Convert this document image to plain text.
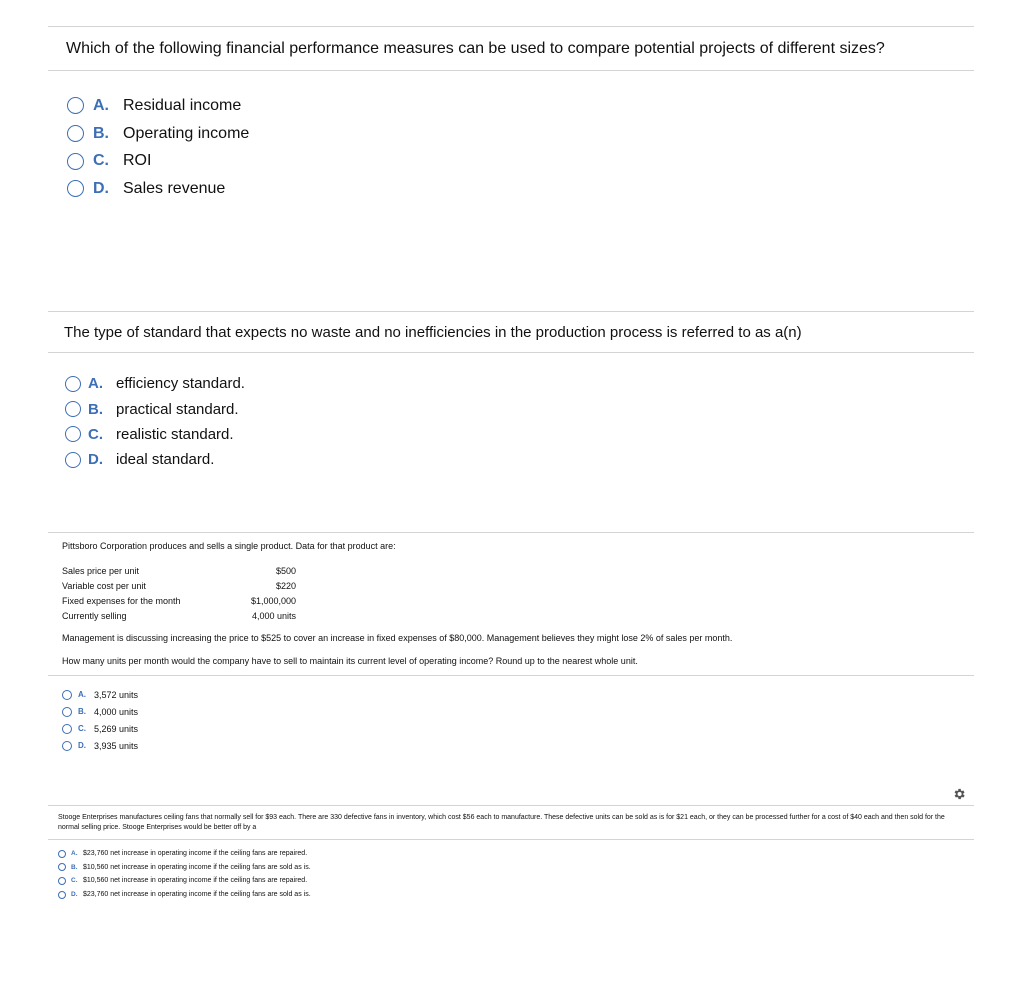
Which of the following financial performance measures can be used to compare potential projects of different sizes?

A. Residual income
B. Operating income
C. ROI
D. Sales revenue

The type of standard that expects no waste and no inefficiencies in the production process is referred to as a(n)

A. efficiency standard.
B. practical standard.
C. realistic standard.
D. ideal standard.
Pittsboro Corporation produces and sells a single product. Data for that product are:
Sales price per unit	$500
Variable cost per unit	$220
Fixed expenses for the month	$1,000,000
Currently selling	4,000 units
Management is discussing increasing the price to $525 to cover an increase in fixed expenses of $80,000. Management believes they might lose 2% of sales per month.
How many units per month would the company have to sell to maintain its current level of operating income? Round up to the nearest whole unit.
A. 3,572 units
B. 4,000 units
C. 5,269 units
D. 3,935 units
Stooge Enterprises manufactures ceiling fans that normally sell for $93 each. There are 330 defective fans in inventory, which cost $56 each to manufacture. These defective units can be sold as is for $21 each, or they can be processed further for a cost of $40 each and then sold for the normal selling price. Stooge Enterprises would be better off by a
A. $23,760 net increase in operating income if the ceiling fans are repaired.
B. $10,560 net increase in operating income if the ceiling fans are sold as is.
C. $10,560 net increase in operating income if the ceiling fans are repaired.
D. $23,760 net increase in operating income if the ceiling fans are sold as is.
